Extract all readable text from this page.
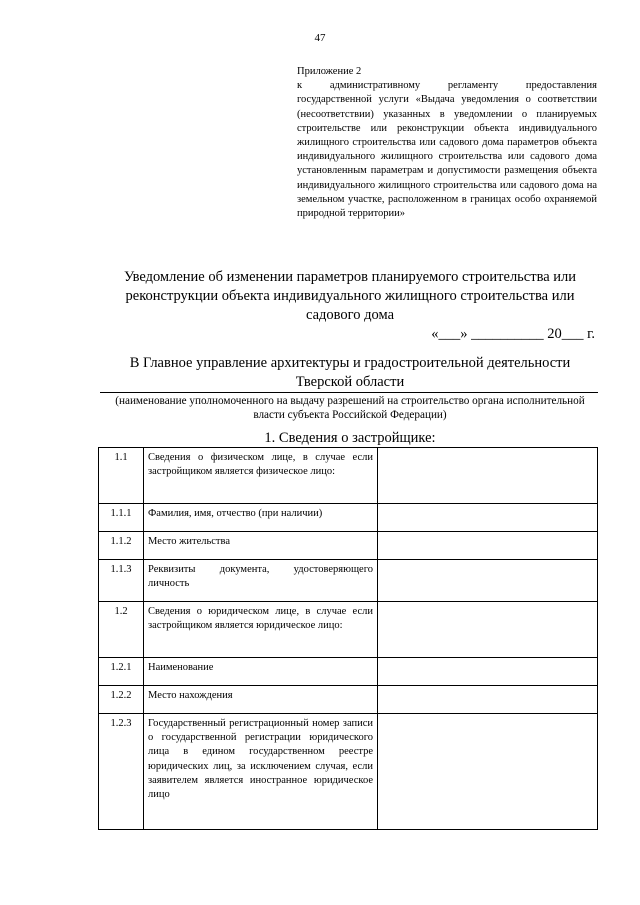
47
Приложение 2
к административному регламенту предоставления государственной услуги «Выдача уведомления о соответствии (несоответствии) указанных в уведомлении о планируемых строительстве или реконструкции объекта индивидуального жилищного строительства или садового дома параметров объекта индивидуального жилищного строительства или садового дома установленным параметрам и допустимости размещения объекта индивидуального жилищного строительства или садового дома на земельном участке, расположенном в границах особо охраняемой природной территории»
Уведомление об изменении параметров планируемого строительства или реконструкции объекта индивидуального жилищного строительства или садового дома
«___» __________ 20___ г.
В Главное управление архитектуры и градостроительной деятельности Тверской области
(наименование уполномоченного на выдачу разрешений на строительство органа исполнительной власти субъекта Российской Федерации)
1. Сведения о застройщике:
1.1	Сведения о физическом лице, в случае если застройщиком является физическое лицо:	
1.1.1	Фамилия, имя, отчество (при наличии)	
1.1.2	Место жительства	
1.1.3	Реквизиты документа, удостоверяющего личность	
1.2	Сведения о юридическом лице, в случае если застройщиком является юридическое лицо:	
1.2.1	Наименование	
1.2.2	Место нахождения	
1.2.3	Государственный регистрационный номер записи о государственной регистрации юридического лица в едином государственном реестре юридических лиц, за исключением случая, если заявителем является иностранное юридическое лицо	
